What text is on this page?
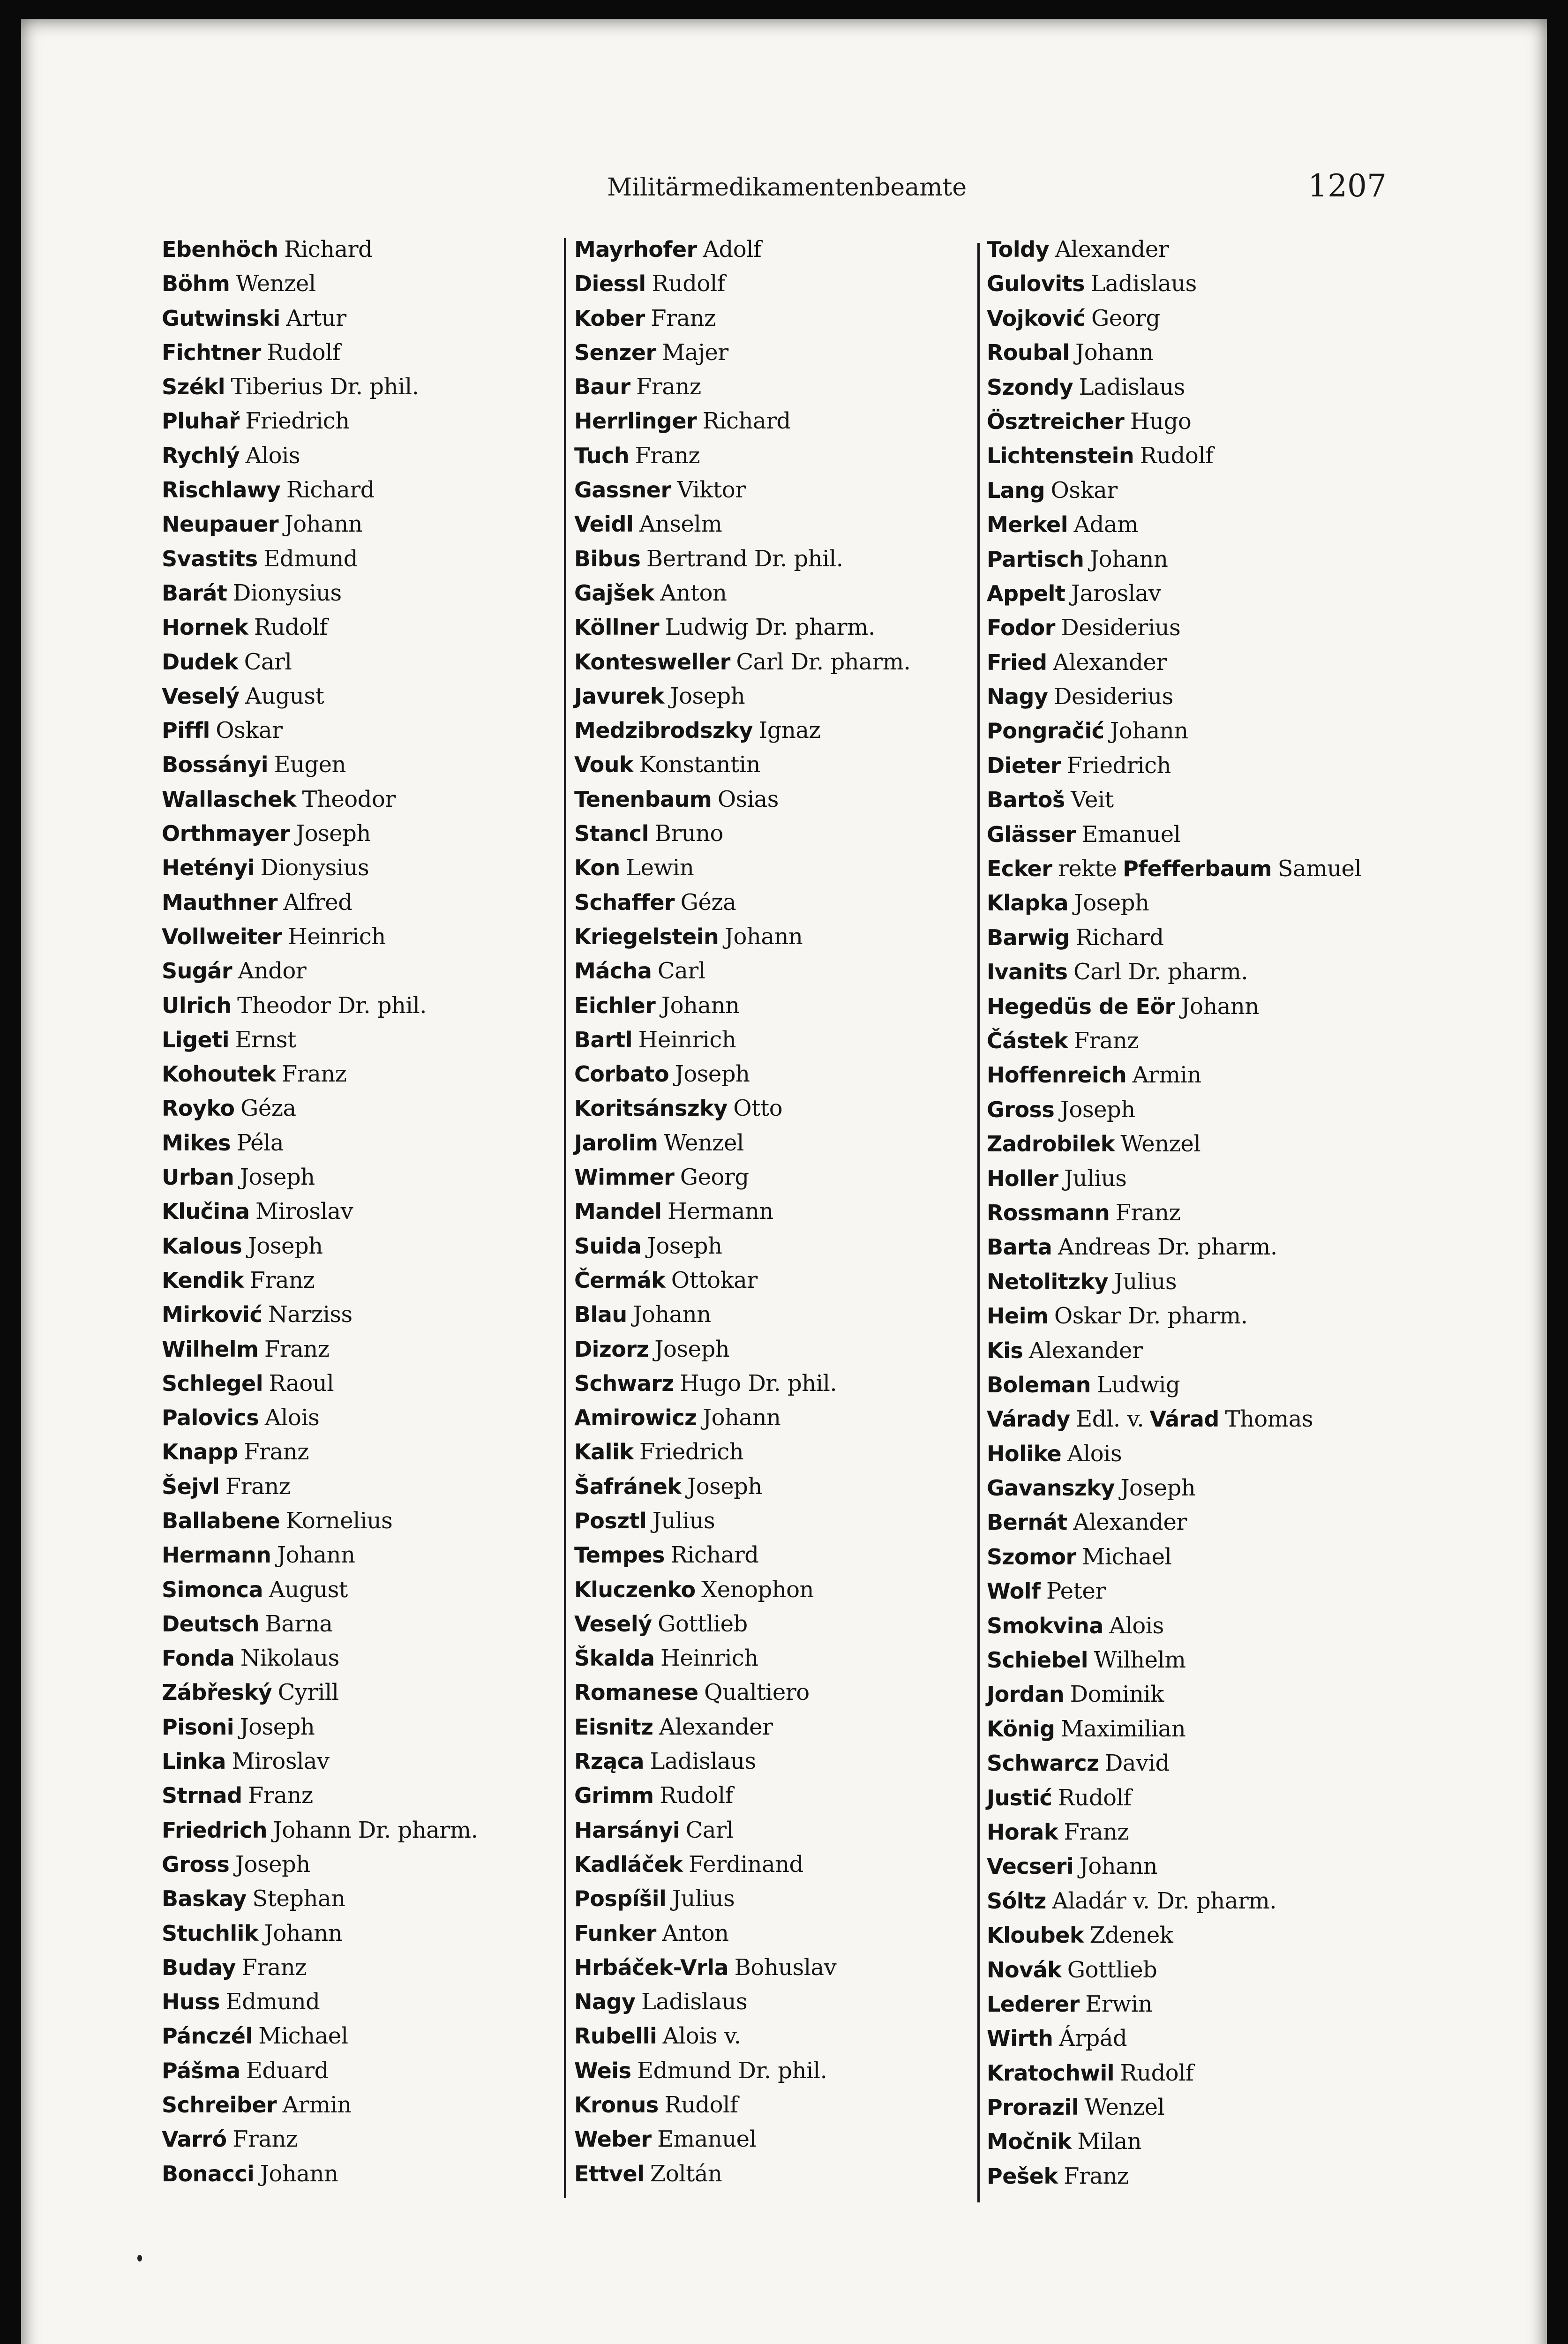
Militärmedikamentenbeamte	1207
Ebenhöch Richard
Böhm Wenzel
Gutwinski Artur
Fichtner Rudolf
Székl Tiberius Dr. phil.
Pluhař Friedrich
Rychlý Alois
Rischlawy Richard
Neupauer Johann
Svastits Edmund
Barát Dionysius
Hornek Rudolf
Dudek Carl
Veselý August
Piffl Oskar
Bossányi Eugen
Wallaschek Theodor
Orthmayer Joseph
Hetényi Dionysius
Mauthner Alfred
Vollweiter Heinrich
Sugár Andor
Ulrich Theodor Dr. phil.
Ligeti Ernst
Kohoutek Franz
Royko Géza
Mikes Péla
Urban Joseph
Klučina Miroslav
Kalous Joseph
Kendik Franz
Mirković Narziss
Wilhelm Franz
Schlegel Raoul
Palovics Alois
Knapp Franz
Šejvl Franz
Ballabene Kornelius
Hermann Johann
Simonca August
Deutsch Barna
Fonda Nikolaus
Zábřeský Cyrill
Pisoni Joseph
Linka Miroslav
Strnad Franz
Friedrich Johann Dr. pharm.
Gross Joseph
Baskay Stephan
Stuchlik Johann
Buday Franz
Huss Edmund
Pánczél Michael
Pášma Eduard
Schreiber Armin
Varró Franz
Bonacci Johann
Mayrhofer Adolf
Diessl Rudolf
Kober Franz
Senzer Majer
Baur Franz
Herrlinger Richard
Tuch Franz
Gassner Viktor
Veidl Anselm
Bibus Bertrand Dr. phil.
Gajšek Anton
Köllner Ludwig Dr. pharm.
Kontesweller Carl Dr. pharm.
Javurek Joseph
Medzibrodszky Ignaz
Vouk Konstantin
Tenenbaum Osias
Stancl Bruno
Kon Lewin
Schaffer Géza
Kriegelstein Johann
Mácha Carl
Eichler Johann
Bartl Heinrich
Corbato Joseph
Koritsánszky Otto
Jarolim Wenzel
Wimmer Georg
Mandel Hermann
Suida Joseph
Čermák Ottokar
Blau Johann
Dizorz Joseph
Schwarz Hugo Dr. phil.
Amirowicz Johann
Kalik Friedrich
Šafránek Joseph
Posztl Julius
Tempes Richard
Kluczenko Xenophon
Veselý Gottlieb
Škalda Heinrich
Romanese Qualtiero
Eisnitz Alexander
Rząca Ladislaus
Grimm Rudolf
Harsányi Carl
Kadláček Ferdinand
Pospíšil Julius
Funker Anton
Hrbáček-Vrla Bohuslav
Nagy Ladislaus
Rubelli Alois v.
Weis Edmund Dr. phil.
Kronus Rudolf
Weber Emanuel
Ettvel Zoltán
Toldy Alexander
Gulovits Ladislaus
Vojković Georg
Roubal Johann
Szondy Ladislaus
Ösztreicher Hugo
Lichtenstein Rudolf
Lang Oskar
Merkel Adam
Partisch Johann
Appelt Jaroslav
Fodor Desiderius
Fried Alexander
Nagy Desiderius
Pongračić Johann
Dieter Friedrich
Bartoš Veit
Glässer Emanuel
Ecker rekte Pfefferbaum Samuel
Klapka Joseph
Barwig Richard
Ivanits Carl Dr. pharm.
Hegedüs de Eör Johann
Částek Franz
Hoffenreich Armin
Gross Joseph
Zadrobilek Wenzel
Holler Julius
Rossmann Franz
Barta Andreas Dr. pharm.
Netolitzky Julius
Heim Oskar Dr. pharm.
Kis Alexander
Boleman Ludwig
Várady Edl. v. Várad Thomas
Holike Alois
Gavanszky Joseph
Bernát Alexander
Szomor Michael
Wolf Peter
Smokvina Alois
Schiebel Wilhelm
Jordan Dominik
König Maximilian
Schwarcz David
Justić Rudolf
Horak Franz
Vecseri Johann
Sóltz Aladár v. Dr. pharm.
Kloubek Zdenek
Novák Gottlieb
Lederer Erwin
Wirth Árpád
Kratochwil Rudolf
Prorazil Wenzel
Močnik Milan
Pešek Franz
